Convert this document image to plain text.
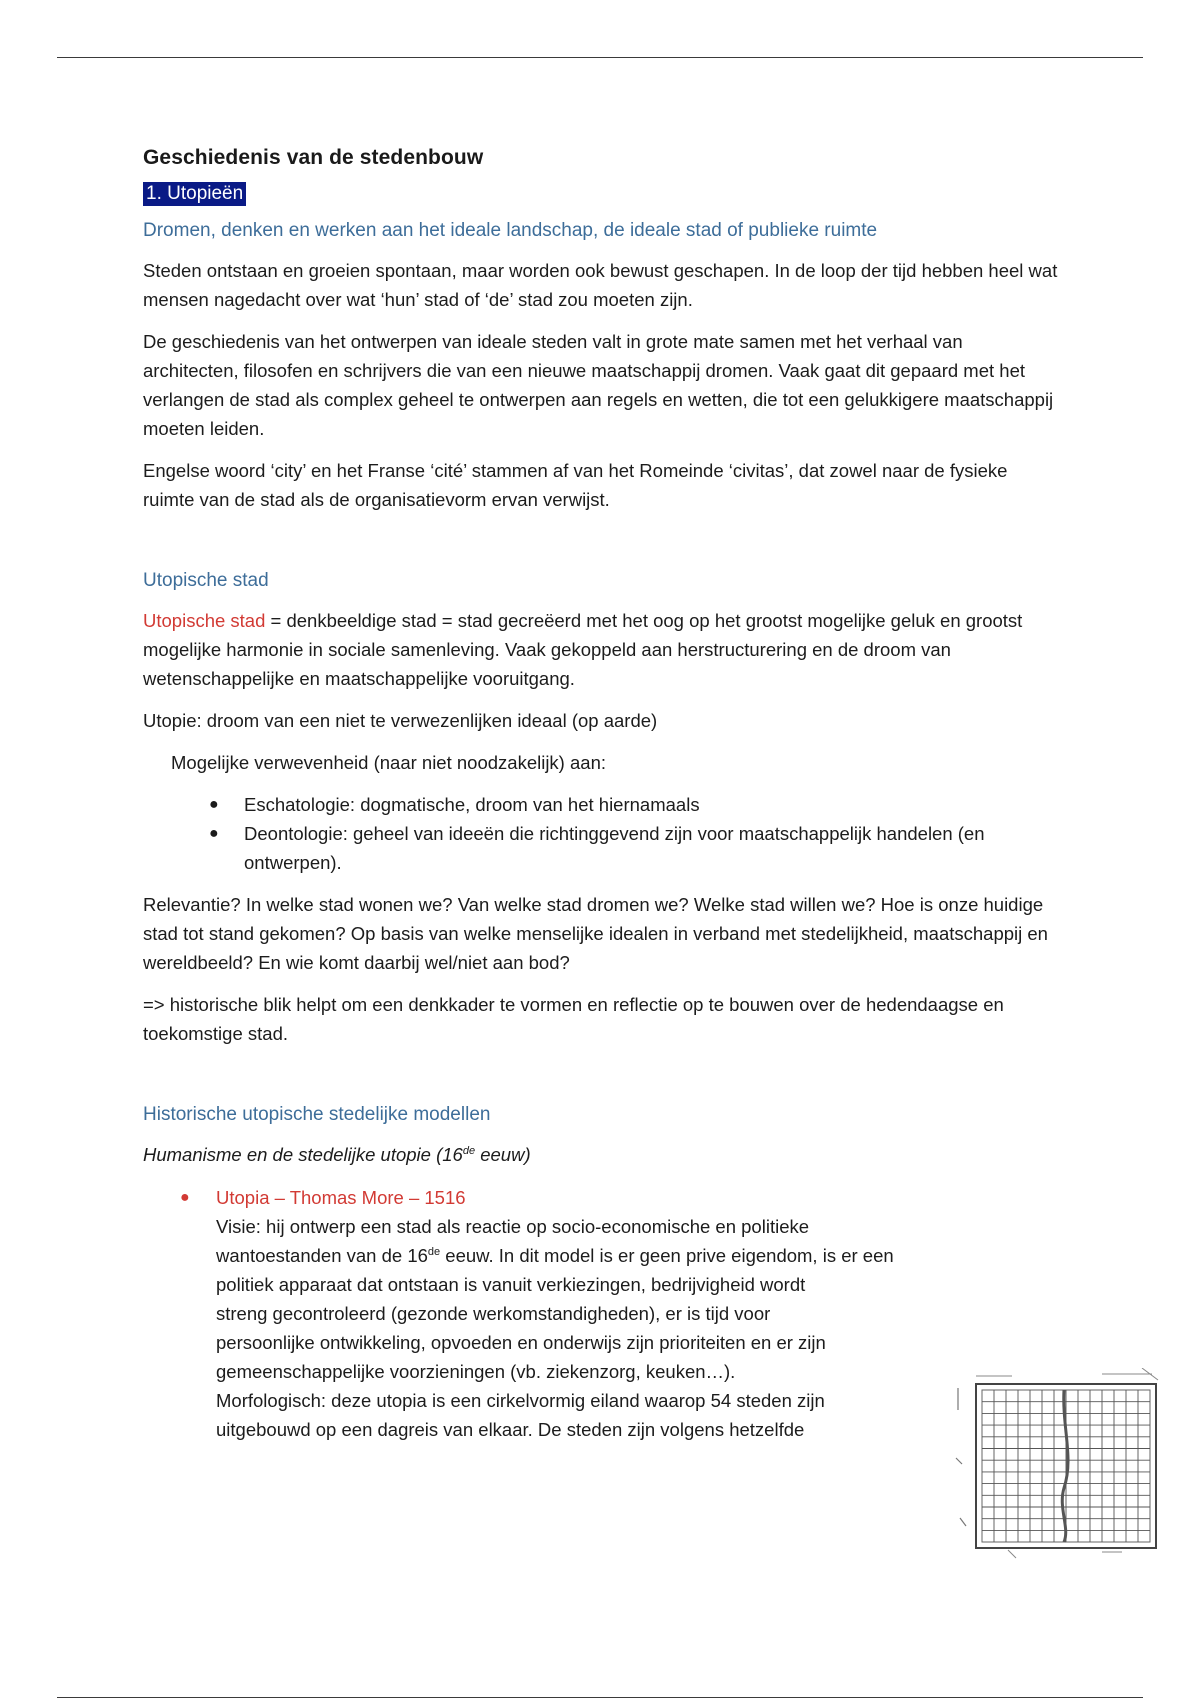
Geschiedenis van de stedenbouw
1. Utopieën
Dromen, denken en werken aan het ideale landschap, de ideale stad of publieke ruimte

Steden ontstaan en groeien spontaan, maar worden ook bewust geschapen. In de loop der tijd hebben heel wat mensen nagedacht over wat ‘hun’ stad of ‘de’ stad zou moeten zijn.

De geschiedenis van het ontwerpen van ideale steden valt in grote mate samen met het verhaal van architecten, filosofen en schrijvers die van een nieuwe maatschappij dromen. Vaak gaat dit gepaard met het verlangen de stad als complex geheel te ontwerpen aan regels en wetten, die tot een gelukkigere maatschappij moeten leiden.

Engelse woord ‘city’ en het Franse ‘cité’ stammen af van het Romeinde ‘civitas’, dat zowel naar de fysieke ruimte van de stad als de organisatievorm ervan verwijst.

Utopische stad

Utopische stad = denkbeeldige stad = stad gecreëerd met het oog op het grootst mogelijke geluk en grootst mogelijke harmonie in sociale samenleving. Vaak gekoppeld aan herstructurering en de droom van wetenschappelijke en maatschappelijke vooruitgang.

Utopie: droom van een niet te verwezenlijken ideaal (op aarde)

Mogelijke verwevenheid (naar niet noodzakelijk) aan:

● Eschatologie: dogmatische, droom van het hiernamaals
● Deontologie: geheel van ideeën die richtinggevend zijn voor maatschappelijk handelen (en ontwerpen).

Relevantie? In welke stad wonen we? Van welke stad dromen we? Welke stad willen we? Hoe is onze huidige stad tot stand gekomen? Op basis van welke menselijke idealen in verband met stedelijkheid, maatschappij en wereldbeeld? En wie komt daarbij wel/niet aan bod?

=> historische blik helpt om een denkkader te vormen en reflectie op te bouwen over de hedendaagse en toekomstige stad.

Historische utopische stedelijke modellen
Humanisme en de stedelijke utopie (16de eeuw)
● Utopia – Thomas More – 1516
Visie: hij ontwerp een stad als reactie op socio-economische en politieke
wantoestanden van de 16de eeuw. In dit model is er geen prive eigendom, is er een
politiek apparaat dat ontstaan is vanuit verkiezingen, bedrijvigheid wordt
streng gecontroleerd (gezonde werkomstandigheden), er is tijd voor
persoonlijke ontwikkeling, opvoeden en onderwijs zijn prioriteiten en er zijn
gemeenschappelijke voorzieningen (vb. ziekenzorg, keuken…).
Morfologisch: deze utopia is een cirkelvormig eiland waarop 54 steden zijn
uitgebouwd op een dagreis van elkaar. De steden zijn volgens hetzelfde
